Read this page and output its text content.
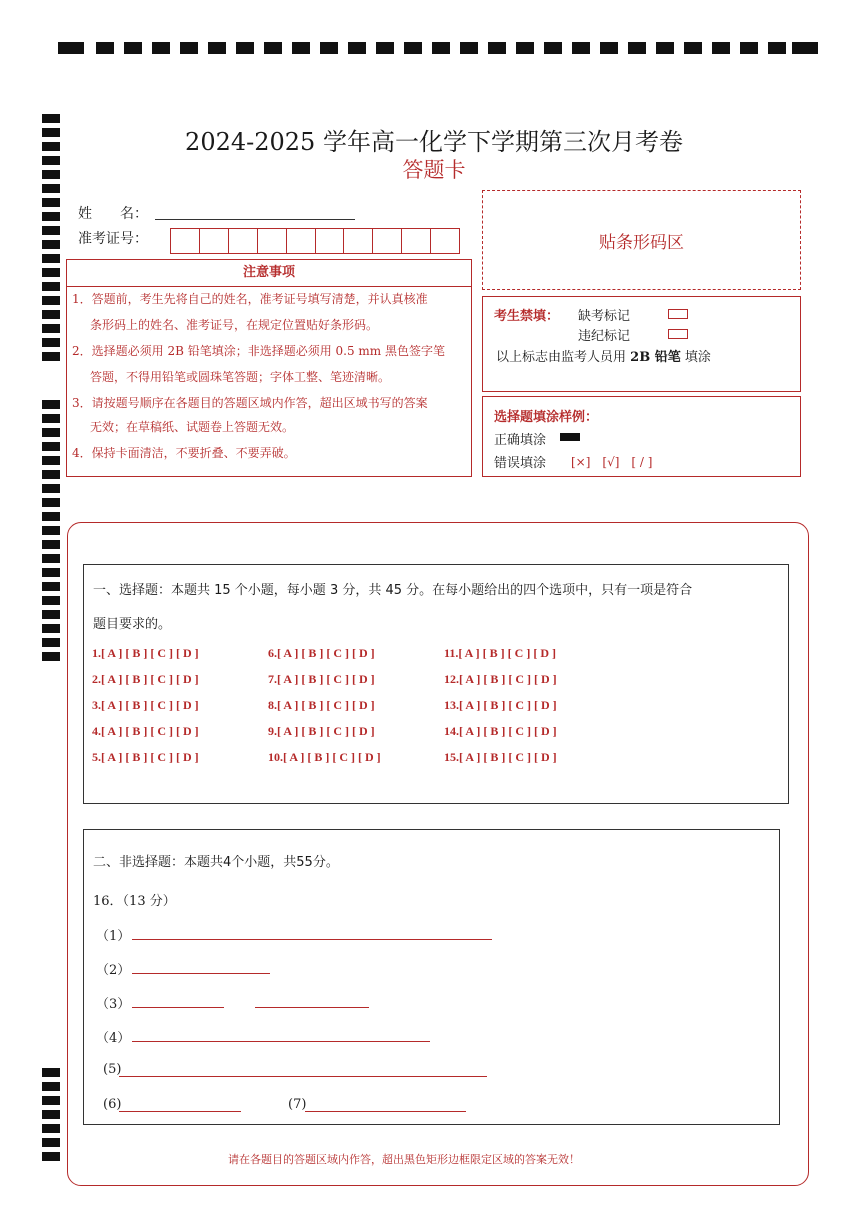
2024-2025 学年高一化学下学期第三次月考卷
答题卡
姓　　名：
准考证号：	贴条形码区
注意事项
1．答题前，考生先将自己的姓名，准考证号填写清楚，并认真核准
条形码上的姓名、准考证号，在规定位置贴好条形码。
2．选择题必须用 2B 铅笔填涂；非选择题必须用 0.5 mm 黑色签字笔
答题，不得用铅笔或圆珠笔答题；字体工整、笔迹清晰。
3．请按题号顺序在各题目的答题区域内作答，超出区域书写的答案
无效；在草稿纸、试题卷上答题无效。
4．保持卡面清洁，不要折叠、不要弄破。
考生禁填： 缺考标记
违纪标记
以上标志由监考人员用 2B 铅笔 填涂
选择题填涂样例：
正确填涂
错误填涂 [×]　[√]　[ / ]
一、选择题：本题共 15 个小题，每小题 3 分，共 45 分。在每小题给出的四个选项中，只有一项是符合
题目要求的。
1.[ A ] [ B ] [ C ] [ D ]
2.[ A ] [ B ] [ C ] [ D ]
3.[ A ] [ B ] [ C ] [ D ]
4.[ A ] [ B ] [ C ] [ D ]
5.[ A ] [ B ] [ C ] [ D ]
6.[ A ] [ B ] [ C ] [ D ]
7.[ A ] [ B ] [ C ] [ D ]
8.[ A ] [ B ] [ C ] [ D ]
9.[ A ] [ B ] [ C ] [ D ]
10.[ A ] [ B ] [ C ] [ D ]
11.[ A ] [ B ] [ C ] [ D ]
12.[ A ] [ B ] [ C ] [ D ]
13.[ A ] [ B ] [ C ] [ D ]
14.[ A ] [ B ] [ C ] [ D ]
15.[ A ] [ B ] [ C ] [ D ]
二、非选择题：本题共4个小题，共55分。
16．（13 分）
（1）
（2）
（3）
（4）
(5)
(6)	(7)
请在各题目的答题区域内作答，超出黑色矩形边框限定区域的答案无效！
